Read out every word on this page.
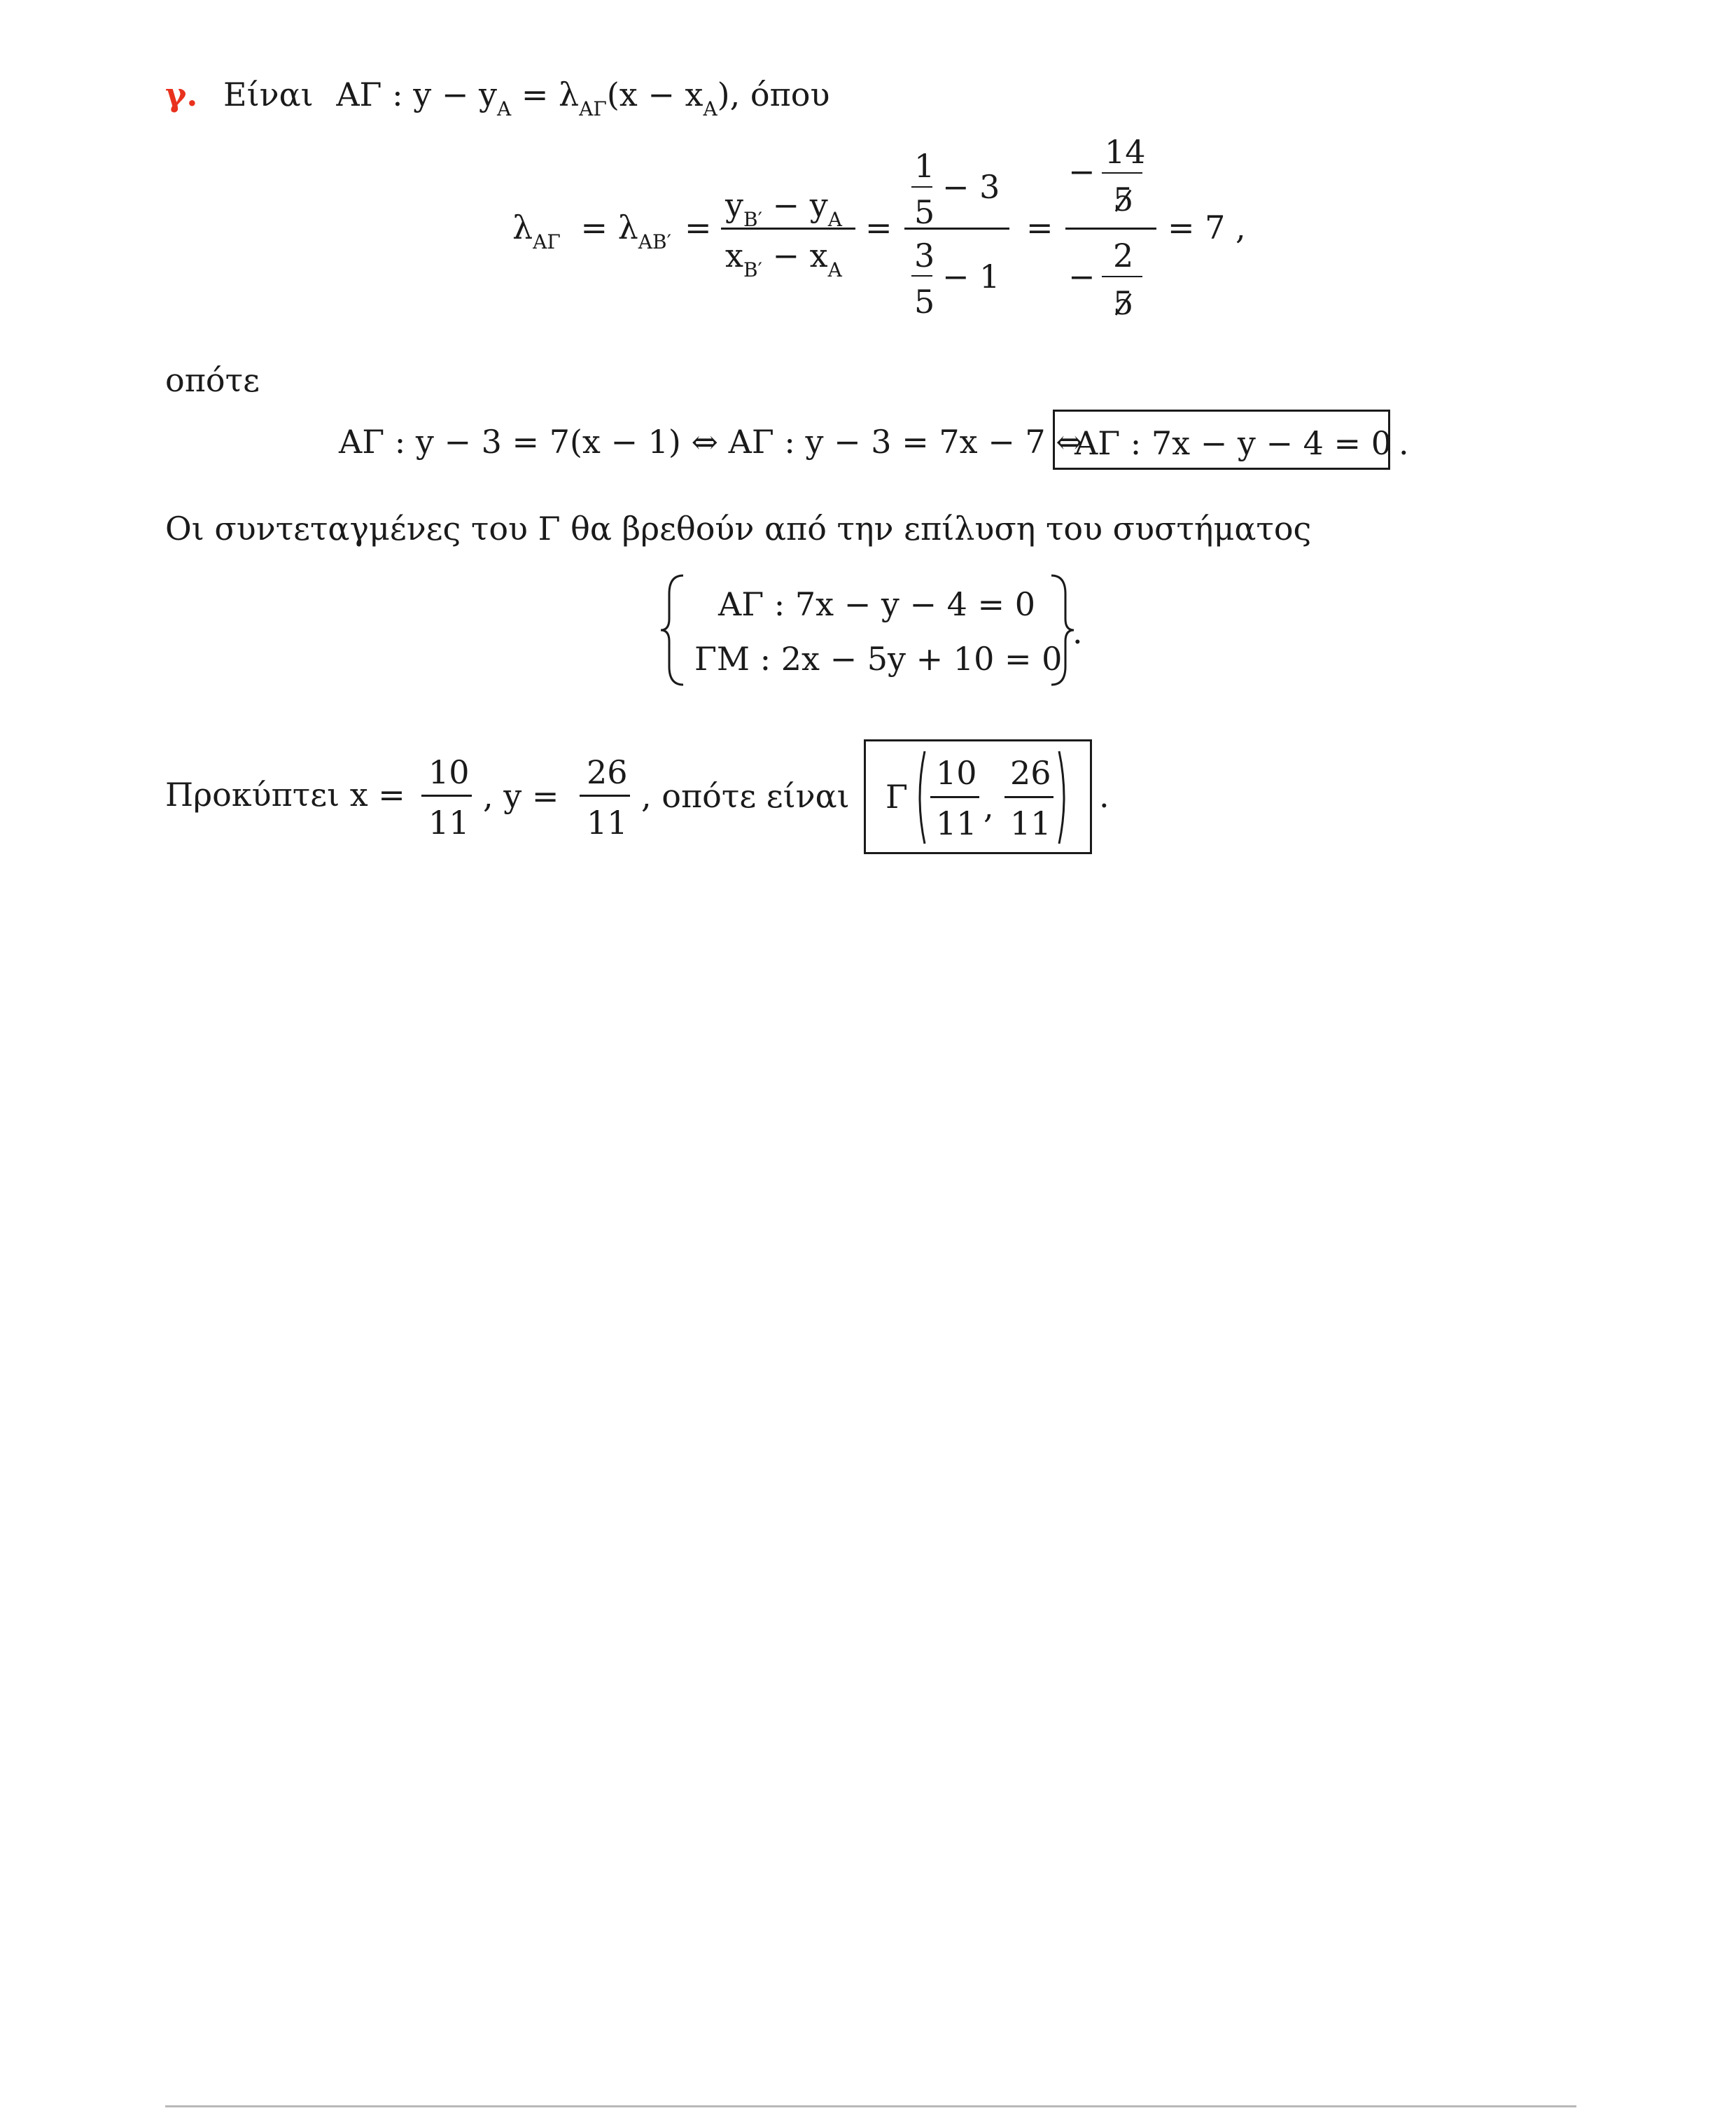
γ. Είναι ΑΓ : $y - y_A = \lambda_{A\Gamma}(x - x_A)$, όπου
$\lambda_{A\Gamma} = \lambda_{AB'}$ =
$y_{B'} - y_A$
$x_{B'} - x_A$
=
1
5
− 3
3
5
− 1
=
−
14
5
−
2
5
= 7 ,
οπότε
ΑΓ : y − 3 = 7(x − 1) ⇔ ΑΓ : y − 3 = 7x − 7 ⇔
ΑΓ : 7x − y − 4 = 0 .
Οι συντεταγμένες του Γ θα βρεθούν από την επίλυση του συστήματος
ΑΓ : 7x − y − 4 = 0
ΓΜ : 2x − 5y + 10 = 0
.
Προκύπτει x =
10
11
, y =
26
11
, οπότε είναι Γ
10
11 ,
26
11
.
